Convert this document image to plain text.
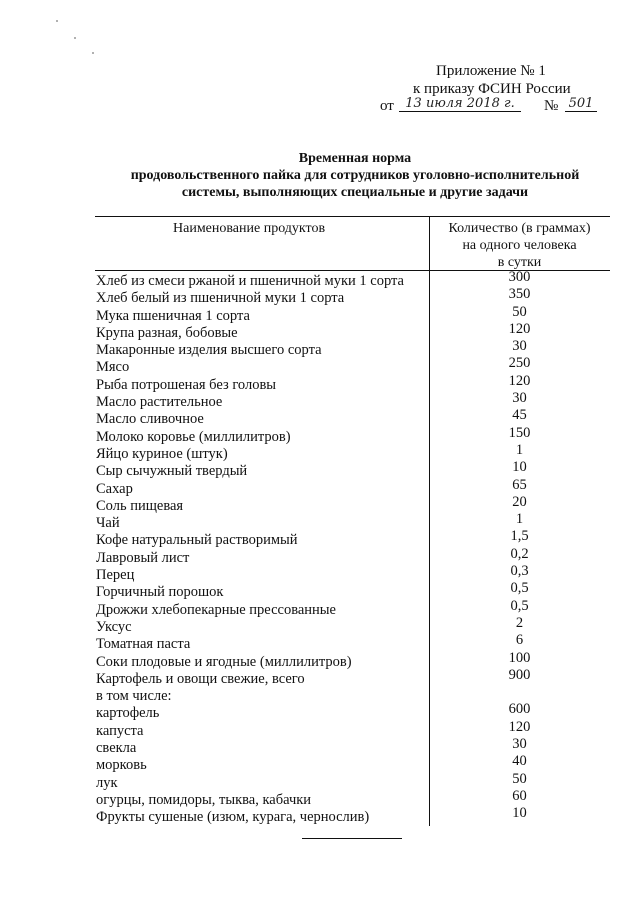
Приложение № 1
к приказу ФСИН России
от 13 июля 2018 г.	№ 501
Временная норма
продовольственного пайка для сотрудников уголовно-исполнительной
системы, выполняющих специальные и другие задачи
Наименование продуктов	Количество (в граммах)
на одного человека
в сутки
Хлеб из смеси ржаной и пшеничной муки 1 сорта	300
Хлеб белый из пшеничной муки 1 сорта	350
Мука пшеничная 1 сорта	50
Крупа разная, бобовые	120
Макаронные изделия высшего сорта	30
Мясо	250
Рыба потрошеная без головы	120
Масло растительное	30
Масло сливочное	45
Молоко коровье (миллилитров)	150
Яйцо куриное (штук)	1
Сыр сычужный твердый	10
Сахар	65
Соль пищевая	20
Чай	1
Кофе натуральный растворимый	1,5
Лавровый лист	0,2
Перец	0,3
Горчичный порошок	0,5
Дрожжи хлебопекарные прессованные	0,5
Уксус	2
Томатная паста	6
Соки плодовые и ягодные (миллилитров)	100
Картофель и овощи свежие, всего	900
в том числе:
картофель	600
капуста	120
свекла	30
морковь	40
лук	50
огурцы, помидоры, тыква, кабачки	60
Фрукты сушеные (изюм, курага, чернослив)	10
